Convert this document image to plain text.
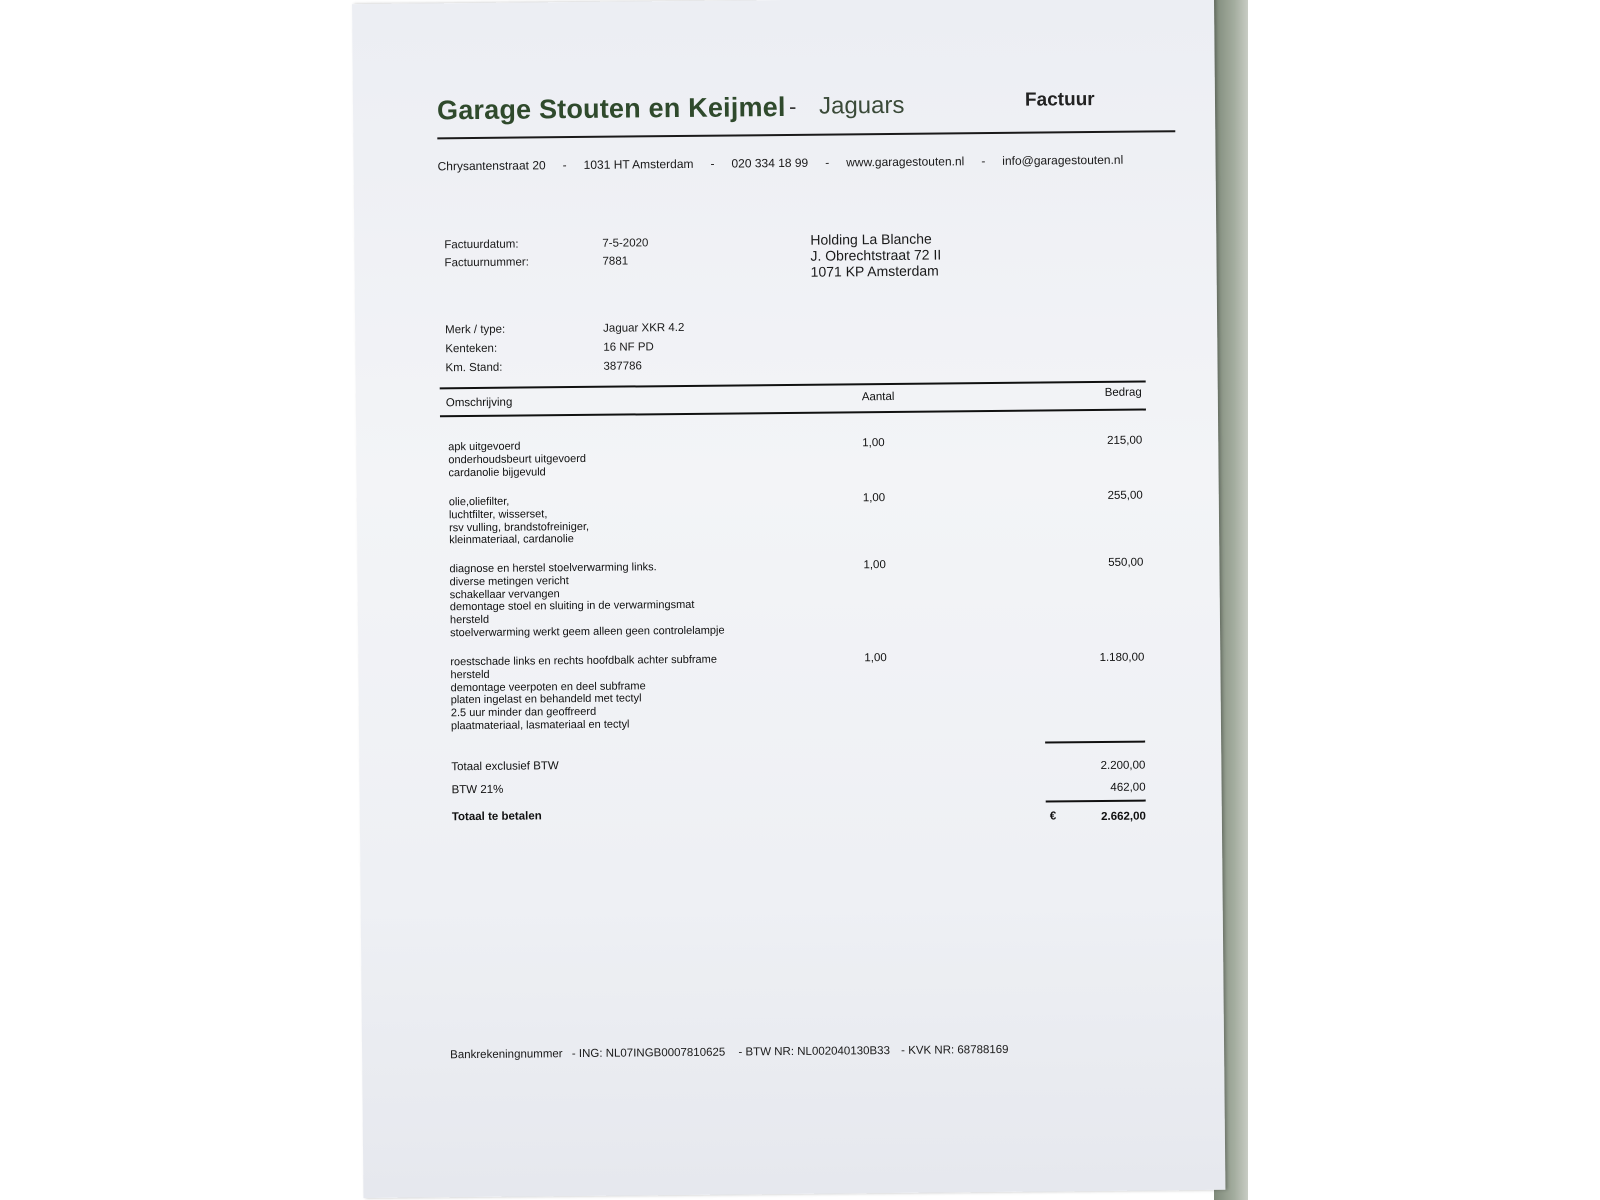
Garage Stouten en Keijmel - Jaguars	Factuur
Chrysantenstraat 20 - 1031 HT Amsterdam - 020 334 18 99 - www.garagestouten.nl - info@garagestouten.nl
Factuurdatum:	7-5-2020
Factuurnummer:	7881
Holding La Blanche
J. Obrechtstraat 72 II
1071 KP Amsterdam
Merk / type:	Jaguar XKR 4.2
Kenteken:	16 NF PD
Km. Stand:	387786
Omschrijving	Aantal	Bedrag
apk uitgevoerd
onderhoudsbeurt uitgevoerd
cardanolie bijgevuld
1,00	215,00
olie,oliefilter,
luchtfilter, wisserset,
rsv vulling, brandstofreiniger,
kleinmateriaal, cardanolie
1,00	255,00
diagnose en herstel stoelverwarming links.
diverse metingen vericht
schakellaar vervangen
demontage stoel en sluiting in de verwarmingsmat
hersteld
stoelverwarming werkt geem alleen geen controlelampje
1,00	550,00
roestschade links en rechts hoofdbalk achter subframe
hersteld
demontage veerpoten en deel subframe
platen ingelast en behandeld met tectyl
2.5 uur minder dan geoffreerd
plaatmateriaal, lasmateriaal en tectyl
1,00	1.180,00
Totaal exclusief BTW	2.200,00
BTW 21%	462,00
Totaal te betalen	€	2.662,00
Bankrekeningnummer - ING: NL07INGB0007810625 - BTW NR: NL002040130B33 - KVK NR: 68788169
